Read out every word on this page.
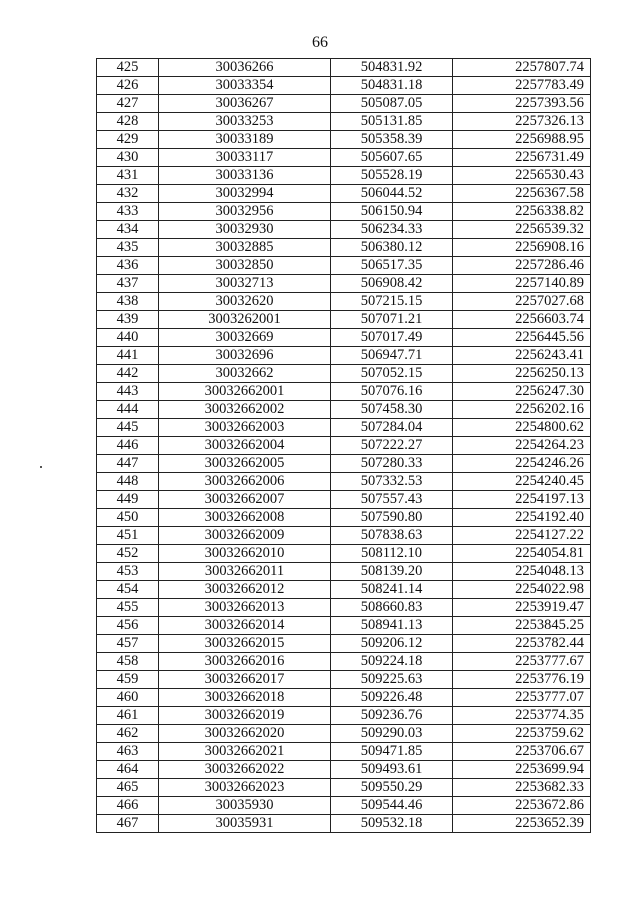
66
425	30036266	504831.92	2257807.74
426	30033354	504831.18	2257783.49
427	30036267	505087.05	2257393.56
428	30033253	505131.85	2257326.13
429	30033189	505358.39	2256988.95
430	30033117	505607.65	2256731.49
431	30033136	505528.19	2256530.43
432	30032994	506044.52	2256367.58
433	30032956	506150.94	2256338.82
434	30032930	506234.33	2256539.32
435	30032885	506380.12	2256908.16
436	30032850	506517.35	2257286.46
437	30032713	506908.42	2257140.89
438	30032620	507215.15	2257027.68
439	3003262001	507071.21	2256603.74
440	30032669	507017.49	2256445.56
441	30032696	506947.71	2256243.41
442	30032662	507052.15	2256250.13
443	30032662001	507076.16	2256247.30
444	30032662002	507458.30	2256202.16
445	30032662003	507284.04	2254800.62
446	30032662004	507222.27	2254264.23
447	30032662005	507280.33	2254246.26
448	30032662006	507332.53	2254240.45
449	30032662007	507557.43	2254197.13
450	30032662008	507590.80	2254192.40
451	30032662009	507838.63	2254127.22
452	30032662010	508112.10	2254054.81
453	30032662011	508139.20	2254048.13
454	30032662012	508241.14	2254022.98
455	30032662013	508660.83	2253919.47
456	30032662014	508941.13	2253845.25
457	30032662015	509206.12	2253782.44
458	30032662016	509224.18	2253777.67
459	30032662017	509225.63	2253776.19
460	30032662018	509226.48	2253777.07
461	30032662019	509236.76	2253774.35
462	30032662020	509290.03	2253759.62
463	30032662021	509471.85	2253706.67
464	30032662022	509493.61	2253699.94
465	30032662023	509550.29	2253682.33
466	30035930	509544.46	2253672.86
467	30035931	509532.18	2253652.39
